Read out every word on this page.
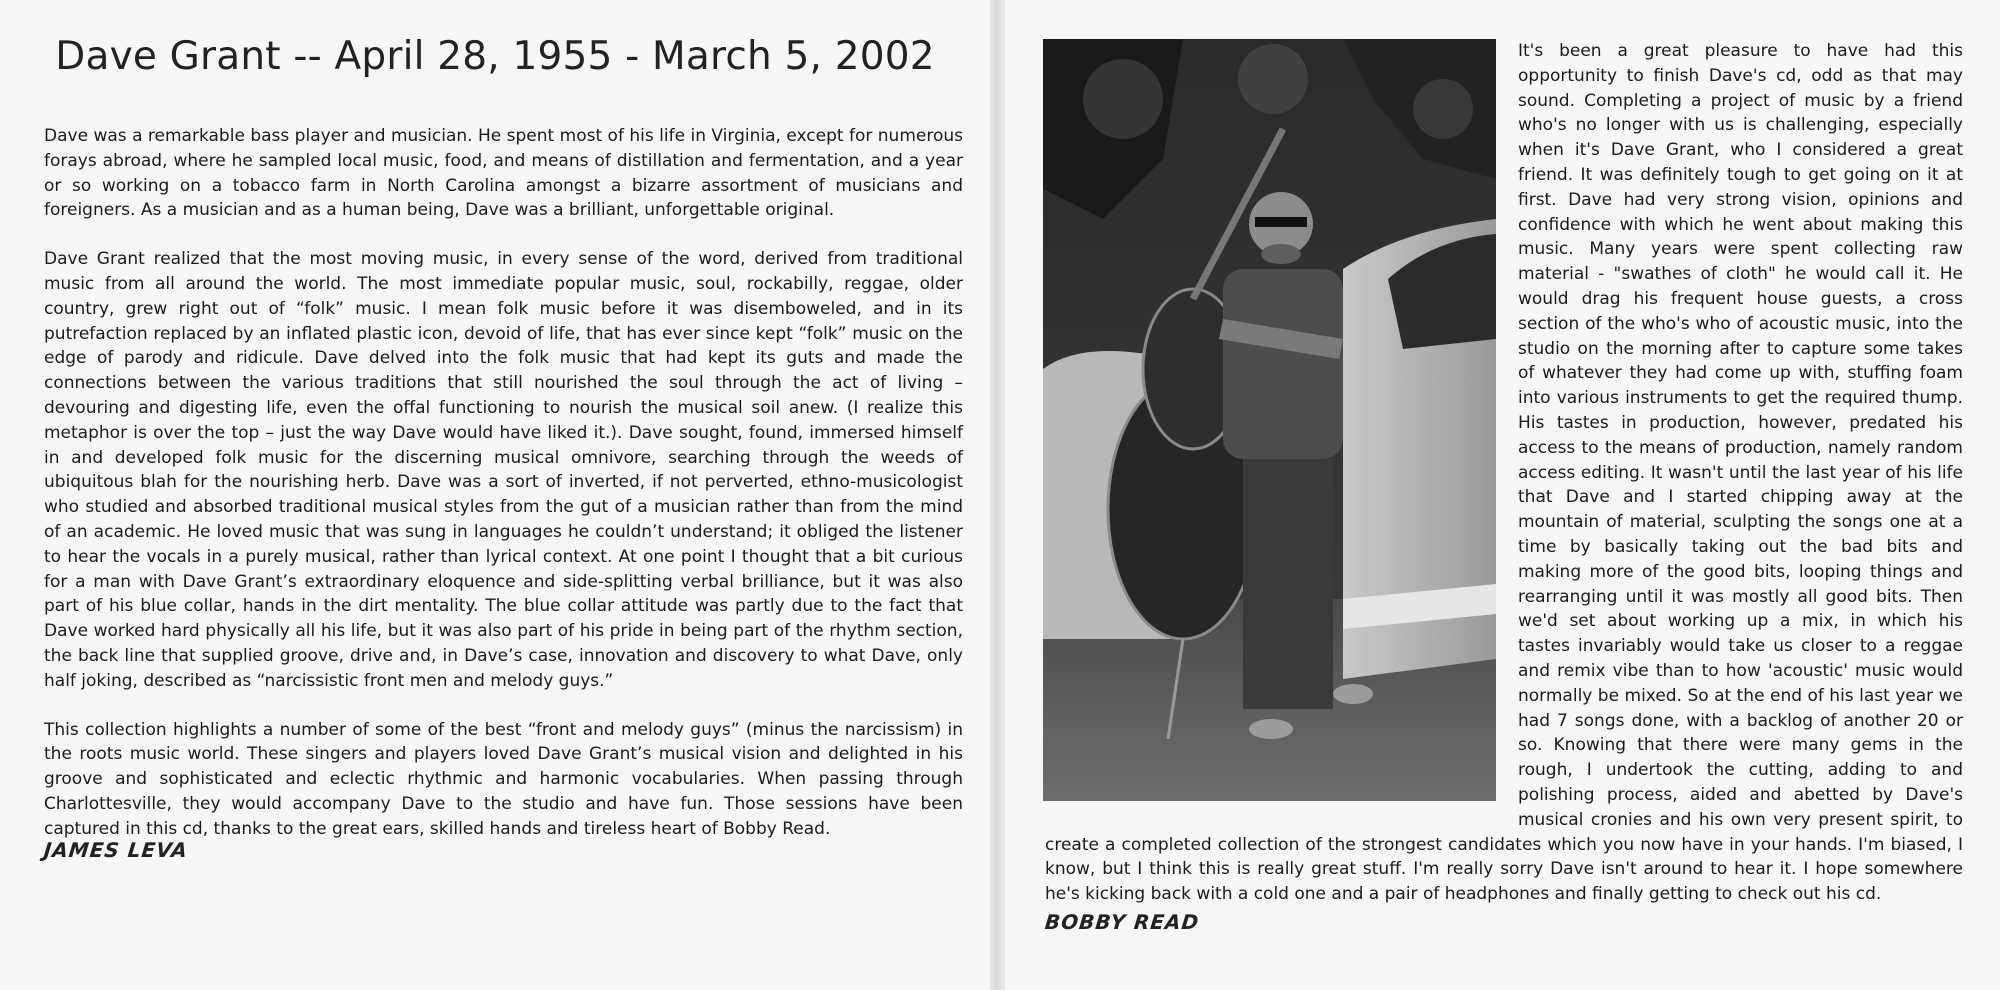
Dave Grant -- April 28, 1955 - March 5, 2002

Dave was a remarkable bass player and musician. He spent most of his life in Virginia, except for numerous forays abroad, where he sampled local music, food, and means of distillation and fermentation, and a year or so working on a tobacco farm in North Carolina amongst a bizarre assortment of musicians and foreigners. As a musician and as a human being, Dave was a brilliant, unforgettable original.

Dave Grant realized that the most moving music, in every sense of the word, derived from traditional music from all around the world. The most immediate popular music, soul, rockabilly, reggae, older country, grew right out of “folk” music. I mean folk music before it was disemboweled, and in its putrefaction replaced by an inflated plastic icon, devoid of life, that has ever since kept “folk” music on the edge of parody and ridicule. Dave delved into the folk music that had kept its guts and made the connections between the various traditions that still nourished the soul through the act of living – devouring and digesting life, even the offal functioning to nourish the musical soil anew. (I realize this metaphor is over the top – just the way Dave would have liked it.). Dave sought, found, immersed himself in and developed folk music for the discerning musical omnivore, searching through the weeds of ubiquitous blah for the nourishing herb. Dave was a sort of inverted, if not perverted, ethno-musicologist who studied and absorbed traditional musical styles from the gut of a musician rather than from the mind of an academic. He loved music that was sung in languages he couldn’t understand; it obliged the listener to hear the vocals in a purely musical, rather than lyrical context. At one point I thought that a bit curious for a man with Dave Grant’s extraordinary eloquence and side-splitting verbal brilliance, but it was also part of his blue collar, hands in the dirt mentality. The blue collar attitude was partly due to the fact that Dave worked hard physically all his life, but it was also part of his pride in being part of the rhythm section, the back line that supplied groove, drive and, in Dave’s case, innovation and discovery to what Dave, only half joking, described as “narcissistic front men and melody guys.”

This collection highlights a number of some of the best “front and melody guys” (minus the narcissism) in the roots music world. These singers and players loved Dave Grant’s musical vision and delighted in his groove and sophisticated and eclectic rhythmic and harmonic vocabularies. When passing through Charlottesville, they would accompany Dave to the studio and have fun. Those sessions have been captured in this cd, thanks to the great ears, skilled hands and tireless heart of Bobby Read.

JAMES LEVA

It's been a great pleasure to have had this opportunity to finish Dave's cd, odd as that may sound. Completing a project of music by a friend who's no longer with us is challenging, especially when it's Dave Grant, who I considered a great friend. It was definitely tough to get going on it at first. Dave had very strong vision, opinions and confidence with which he went about making this music. Many years were spent collecting raw material - "swathes of cloth" he would call it. He would drag his frequent house guests, a cross section of the who's who of acoustic music, into the studio on the morning after to capture some takes of whatever they had come up with, stuffing foam into various instruments to get the required thump. His tastes in production, however, predated his access to the means of production, namely random access editing. It wasn't until the last year of his life that Dave and I started chipping away at the mountain of material, sculpting the songs one at a time by basically taking out the bad bits and making more of the good bits, looping things and rearranging until it was mostly all good bits. Then we'd set about working up a mix, in which his tastes invariably would take us closer to a reggae and remix vibe than to how 'acoustic' music would normally be mixed. So at the end of his last year we had 7 songs done, with a backlog of another 20 or so. Knowing that there were many gems in the rough, I undertook the cutting, adding to and polishing process, aided and abetted by Dave's musical cronies and his own very present spirit, to create a completed collection of the strongest candidates which you now have in your hands. I'm biased, I know, but I think this is really great stuff. I'm really sorry Dave isn't around to hear it. I hope somewhere he's kicking back with a cold one and a pair of headphones and finally getting to check out his cd.

BOBBY READ
